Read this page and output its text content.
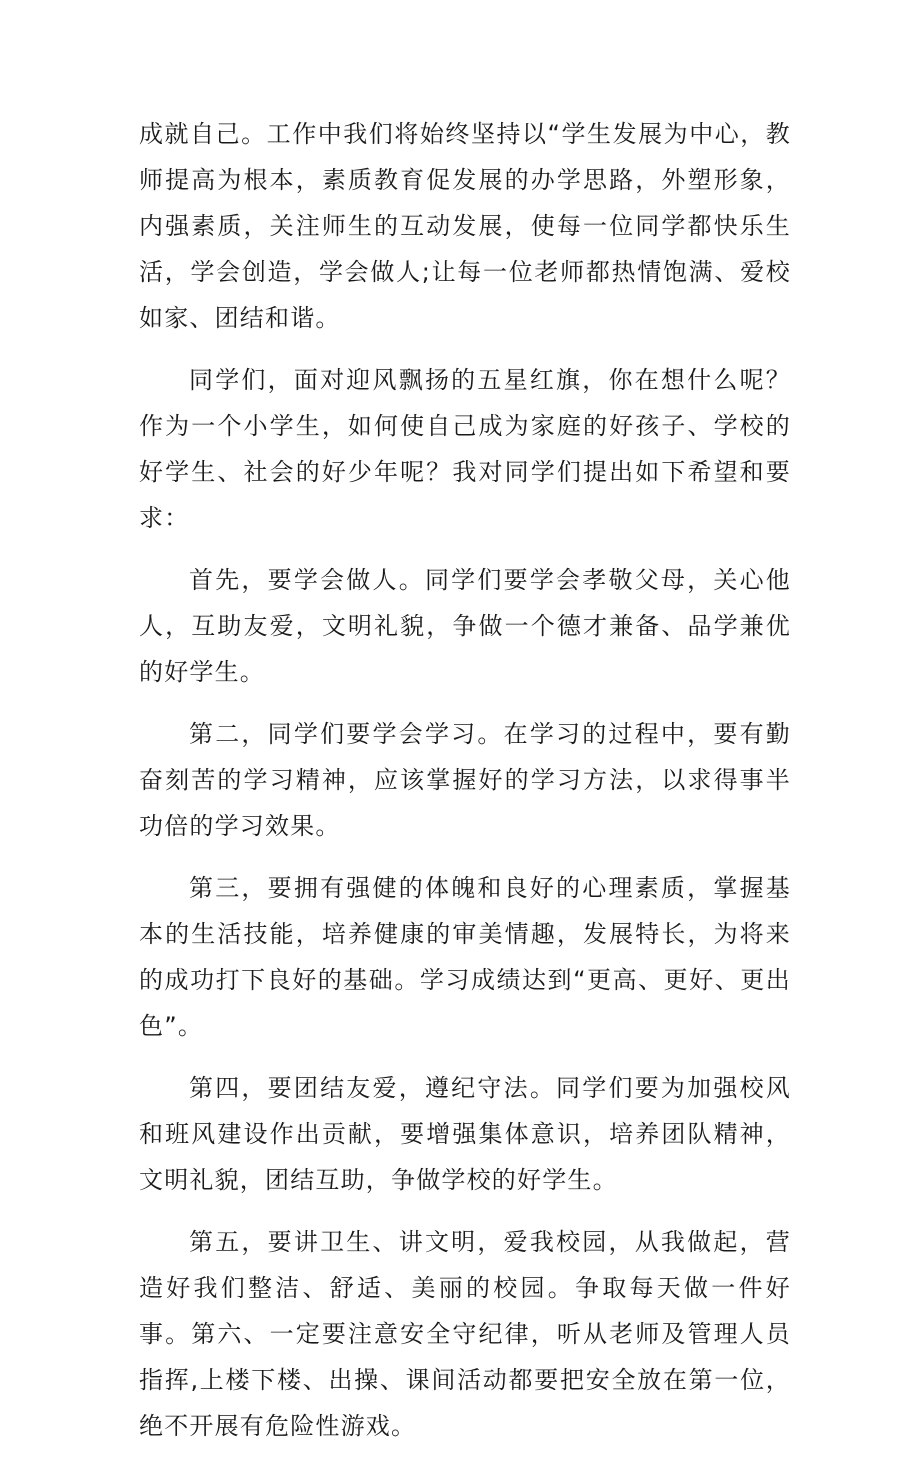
成就自己。工作中我们将始终坚持以“学生发展为中心，教师提高为根本，素质教育促发展的办学思路，外塑形象，内强素质，关注师生的互动发展，使每一位同学都快乐生活，学会创造，学会做人;让每一位老师都热情饱满、爱校如家、团结和谐。

同学们，面对迎风飘扬的五星红旗，你在想什么呢？作为一个小学生，如何使自己成为家庭的好孩子、学校的好学生、社会的好少年呢？我对同学们提出如下希望和要求：

首先，要学会做人。同学们要学会孝敬父母，关心他人，互助友爱，文明礼貌，争做一个德才兼备、品学兼优的好学生。

第二，同学们要学会学习。在学习的过程中，要有勤奋刻苦的学习精神，应该掌握好的学习方法，以求得事半功倍的学习效果。

第三，要拥有强健的体魄和良好的心理素质，掌握基本的生活技能，培养健康的审美情趣，发展特长，为将来的成功打下良好的基础。学习成绩达到“更高、更好、更出色”。

第四，要团结友爱，遵纪守法。同学们要为加强校风和班风建设作出贡献，要增强集体意识，培养团队精神，文明礼貌，团结互助，争做学校的好学生。

第五，要讲卫生、讲文明，爱我校园，从我做起，营造好我们整洁、舒适、美丽的校园。争取每天做一件好事。第六、一定要注意安全守纪律，听从老师及管理人员指挥,上楼下楼、出操、课间活动都要把安全放在第一位，绝不开展有危险性游戏。
